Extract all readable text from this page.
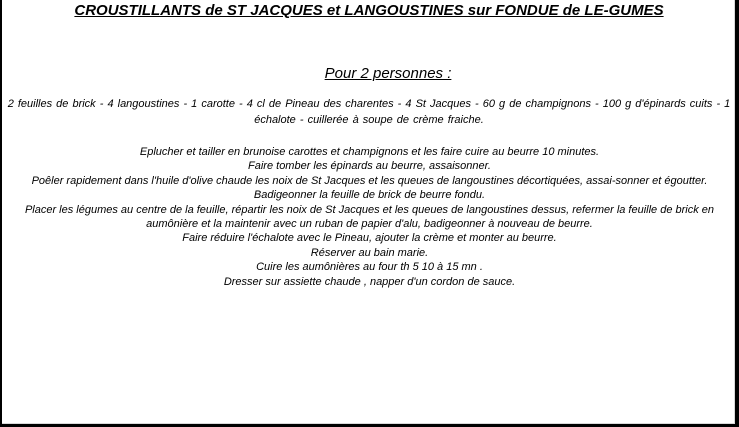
CROUSTILLANTS de ST JACQUES et LANGOUSTINES sur FONDUE de LE-GUMES
Pour 2 personnes :
2 feuilles de brick - 4 langoustines - 1 carotte - 4 cl de Pineau des charentes - 4 St Jacques - 60 g de champignons - 100 g d'épinards cuits - 1 échalote - cuillerée à soupe de crème fraiche.
Eplucher et tailler en brunoise carottes et champignons et les faire cuire au beurre 10 minutes.
Faire tomber les épinards au beurre, assaisonner.
Poêler rapidement dans l'huile d'olive chaude les noix de St Jacques et les queues de langoustines décortiquées, assai-sonner et égoutter.
Badigeonner la feuille de brick de beurre fondu.
Placer les légumes au centre de la feuille, répartir les noix de St Jacques et les queues de langoustines dessus, refermer la feuille de brick en aumônière et la maintenir avec un ruban de papier d'alu, badigeonner à nouveau de beurre.
Faire réduire l'échalote avec le Pineau, ajouter la crème et monter au beurre.
Réserver au bain marie.
Cuire les aumônières au four th 5 10 à 15 mn .
Dresser sur assiette chaude , napper d'un cordon de sauce.
